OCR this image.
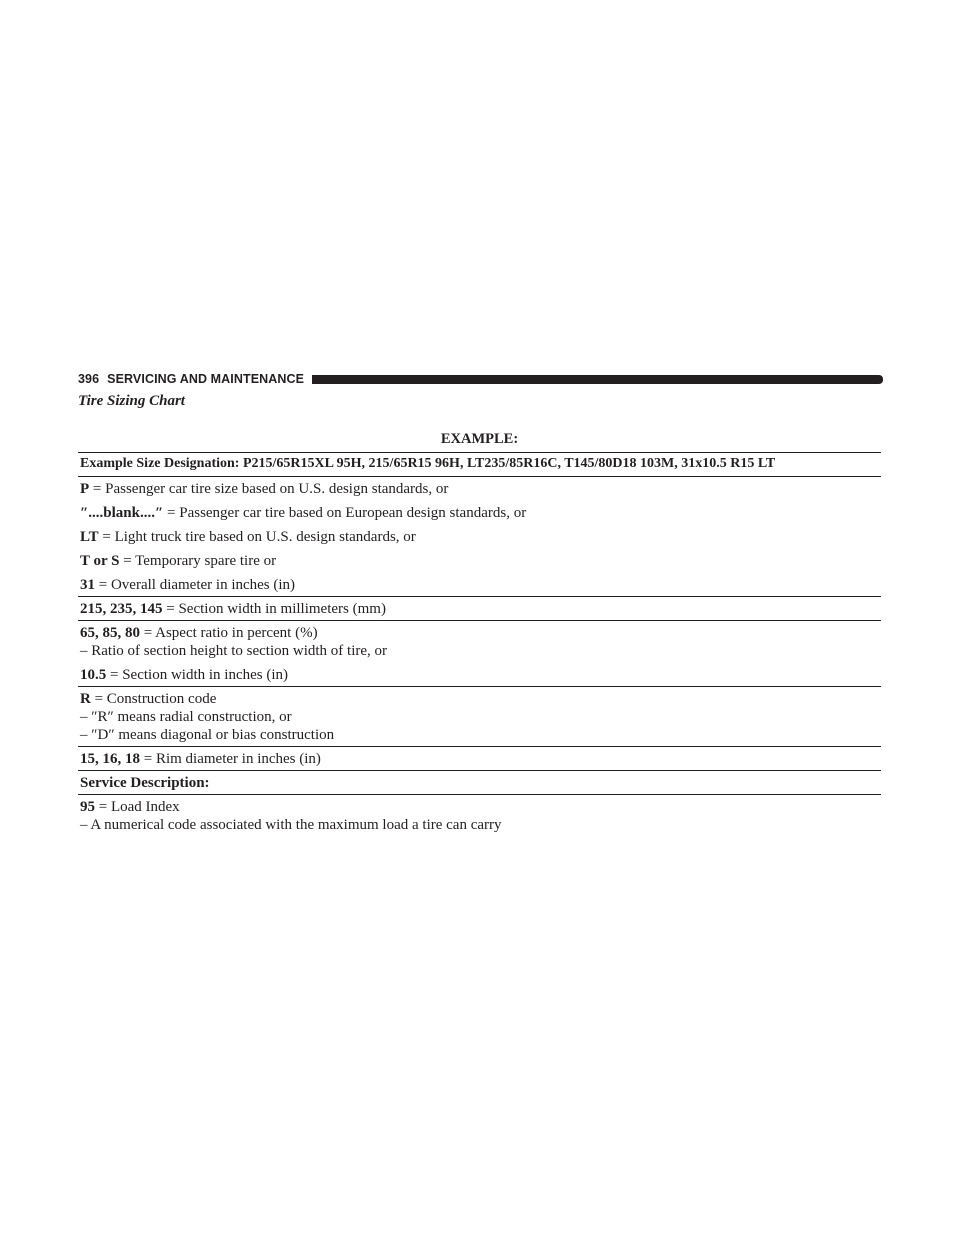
396 SERVICING AND MAINTENANCE
Tire Sizing Chart
EXAMPLE:
Example Size Designation: P215/65R15XL 95H, 215/65R15 96H, LT235/85R16C, T145/80D18 103M, 31x10.5 R15 LT
P = Passenger car tire size based on U.S. design standards, or
″....blank....″ = Passenger car tire based on European design standards, or
LT = Light truck tire based on U.S. design standards, or
T or S = Temporary spare tire or
31 = Overall diameter in inches (in)
215, 235, 145 = Section width in millimeters (mm)
65, 85, 80 = Aspect ratio in percent (%)
– Ratio of section height to section width of tire, or
10.5 = Section width in inches (in)
R = Construction code
– ″R″ means radial construction, or
– ″D″ means diagonal or bias construction
15, 16, 18 = Rim diameter in inches (in)
Service Description:
95 = Load Index
– A numerical code associated with the maximum load a tire can carry
